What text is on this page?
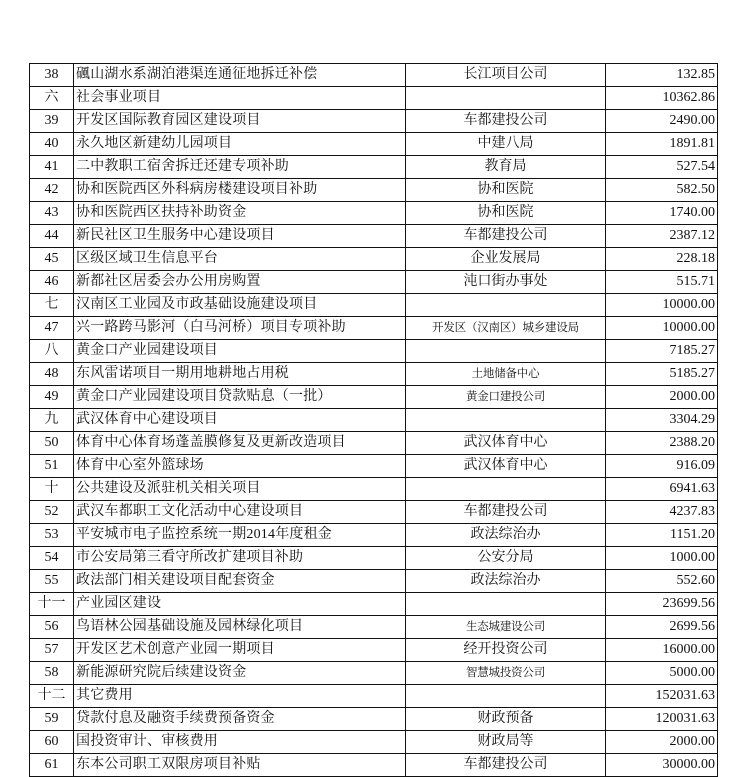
38	碸山湖水系湖泊港渠连通征地拆迁补偿	长江项目公司	132.85
六	社会事业项目		10362.86
39	开发区国际教育园区建设项目	车都建投公司	2490.00
40	永久地区新建幼儿园项目	中建八局	1891.81
41	二中教职工宿舍拆迁还建专项补助	教育局	527.54
42	协和医院西区外科病房楼建设项目补助	协和医院	582.50
43	协和医院西区扶持补助资金	协和医院	1740.00
44	新民社区卫生服务中心建设项目	车都建投公司	2387.12
45	区级区域卫生信息平台	企业发展局	228.18
46	新都社区居委会办公用房购置	沌口街办事处	515.71
七	汉南区工业园及市政基础设施建设项目		10000.00
47	兴一路跨马影河（白马河桥）项目专项补助	开发区（汉南区）城乡建设局	10000.00
八	黄金口产业园建设项目		7185.27
48	东风雷诺项目一期用地耕地占用税	土地储备中心	5185.27
49	黄金口产业园建设项目贷款贴息（一批）	黄金口建投公司	2000.00
九	武汉体育中心建设项目		3304.29
50	体育中心体育场蓬盖膜修复及更新改造项目	武汉体育中心	2388.20
51	体育中心室外篮球场	武汉体育中心	916.09
十	公共建设及派驻机关相关项目		6941.63
52	武汉车都职工文化活动中心建设项目	车都建投公司	4237.83
53	平安城市电子监控系统一期2014年度租金	政法综治办	1151.20
54	市公安局第三看守所改扩建项目补助	公安分局	1000.00
55	政法部门相关建设项目配套资金	政法综治办	552.60
十一	产业园区建设		23699.56
56	鸟语林公园基础设施及园林绿化项目	生态城建设公司	2699.56
57	开发区艺术创意产业园一期项目	经开投资公司	16000.00
58	新能源研究院后续建设资金	智慧城投资公司	5000.00
十二	其它费用		152031.63
59	贷款付息及融资手续费预备资金	财政预备	120031.63
60	国投资审计、审核费用	财政局等	2000.00
61	东本公司职工双限房项目补贴	车都建投公司	30000.00
